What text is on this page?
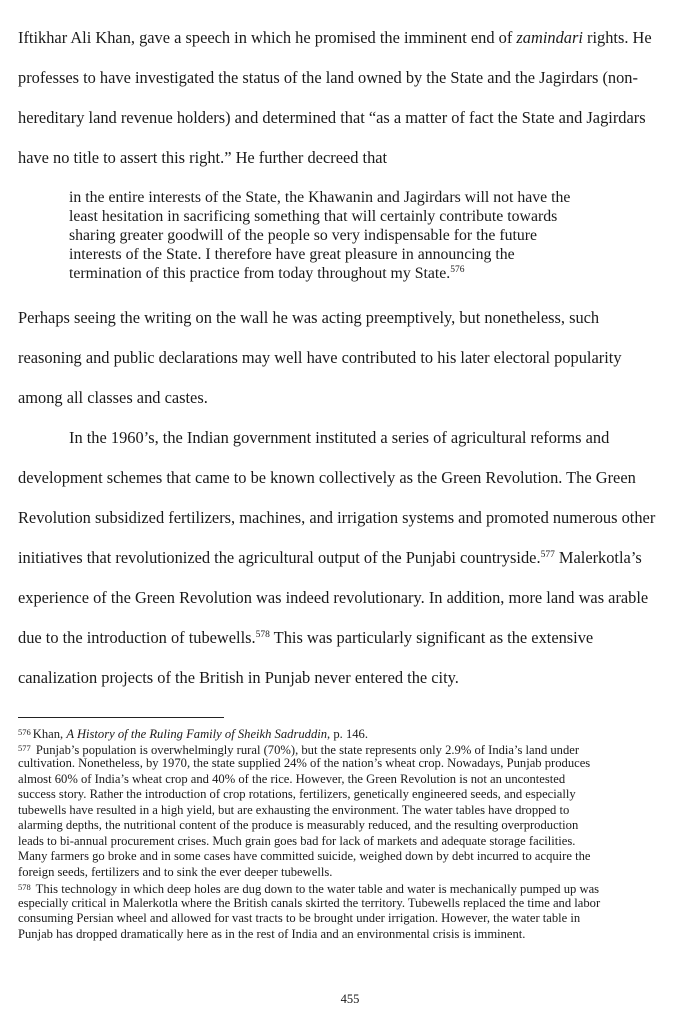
Iftikhar Ali Khan, gave a speech in which he promised the imminent end of zamindari rights. He
professes to have investigated the status of the land owned by the State and the Jagirdars (non-
hereditary land revenue holders) and determined that “as a matter of fact the State and Jagirdars
have no title to assert this right.” He further decreed that
in the entire interests of the State, the Khawanin and Jagirdars will not have the
least hesitation in sacrificing something that will certainly contribute towards
sharing greater goodwill of the people so very indispensable for the future
interests of the State. I therefore have great pleasure in announcing the
termination of this practice from today throughout my State.$^{576}$
Perhaps seeing the writing on the wall he was acting preemptively, but nonetheless, such
reasoning and public declarations may well have contributed to his later electoral popularity
among all classes and castes.
In the 1960’s, the Indian government instituted a series of agricultural reforms and
development schemes that came to be known collectively as the Green Revolution. The Green
Revolution subsidized fertilizers, machines, and irrigation systems and promoted numerous other
initiatives that revolutionized the agricultural output of the Punjabi countryside.$^{577}$ Malerkotla’s
experience of the Green Revolution was indeed revolutionary. In addition, more land was arable
due to the introduction of tubewells.$^{578}$ This was particularly significant as the extensive
canalization projects of the British in Punjab never entered the city.
$^{576}$ Khan, A History of the Ruling Family of Sheikh Sadruddin, p. 146.
$^{577}$ Punjab’s population is overwhelmingly rural (70%), but the state represents only 2.9% of India’s land under
cultivation. Nonetheless, by 1970, the state supplied 24% of the nation’s wheat crop. Nowadays, Punjab produces
almost 60% of India’s wheat crop and 40% of the rice. However, the Green Revolution is not an uncontested
success story. Rather the introduction of crop rotations, fertilizers, genetically engineered seeds, and especially
tubewells have resulted in a high yield, but are exhausting the environment. The water tables have dropped to
alarming depths, the nutritional content of the produce is measurably reduced, and the resulting overproduction
leads to bi-annual procurement crises. Much grain goes bad for lack of markets and adequate storage facilities.
Many farmers go broke and in some cases have committed suicide, weighed down by debt incurred to acquire the
foreign seeds, fertilizers and to sink the ever deeper tubewells.
$^{578}$ This technology in which deep holes are dug down to the water table and water is mechanically pumped up was
especially critical in Malerkotla where the British canals skirted the territory. Tubewells replaced the time and labor
consuming Persian wheel and allowed for vast tracts to be brought under irrigation. However, the water table in
Punjab has dropped dramatically here as in the rest of India and an environmental crisis is imminent.
455
